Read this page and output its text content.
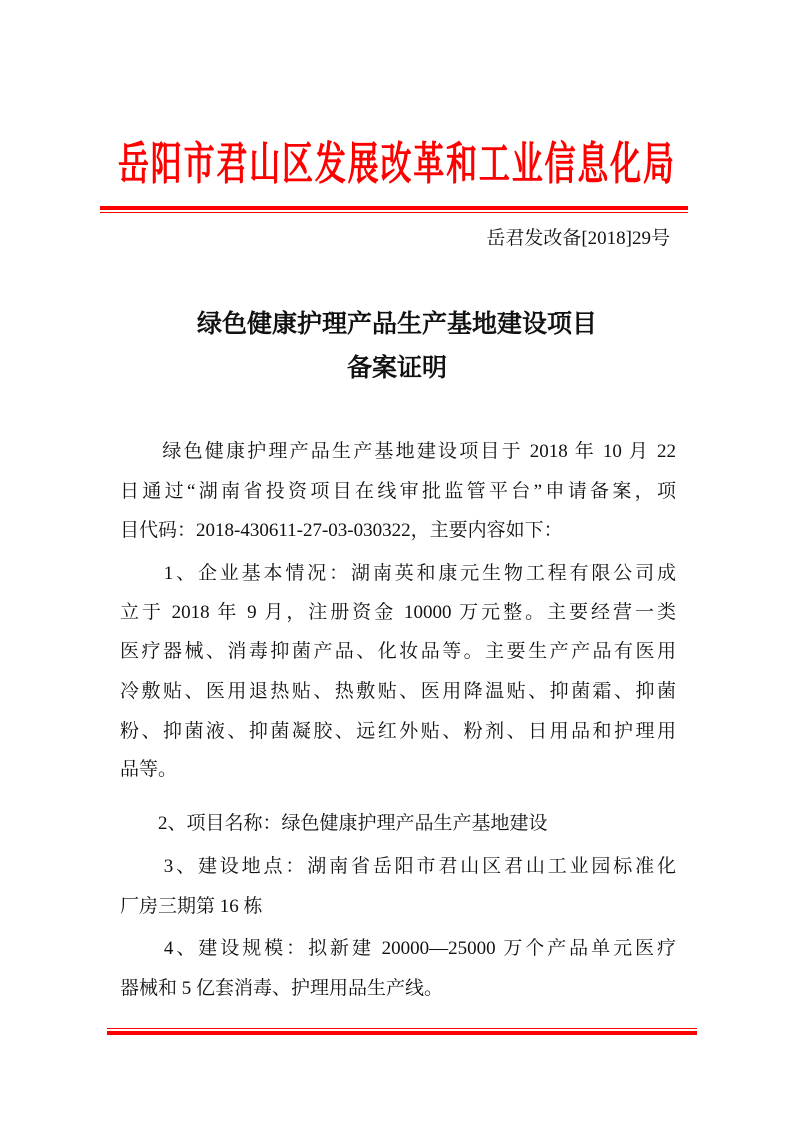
岳阳市君山区发展改革和工业信息化局
岳君发改备[2018]29号
绿色健康护理产品生产基地建设项目
备案证明
　　绿色健康护理产品生产基地建设项目于 2018 年 10 月 22
日通过“湖南省投资项目在线审批监管平台”申请备案，项
目代码：2018-430611-27-03-030322，主要内容如下：
　　1、企业基本情况：湖南英和康元生物工程有限公司成
立于 2018 年 9 月，注册资金 10000 万元整。主要经营一类
医疗器械、消毒抑菌产品、化妆品等。主要生产产品有医用
冷敷贴、医用退热贴、热敷贴、医用降温贴、抑菌霜、抑菌
粉、抑菌液、抑菌凝胶、远红外贴、粉剂、日用品和护理用
品等。
　　2、项目名称：绿色健康护理产品生产基地建设
　　3、建设地点：湖南省岳阳市君山区君山工业园标准化
厂房三期第 16 栋
　　4、建设规模：拟新建 20000—25000 万个产品单元医疗
器械和 5 亿套消毒、护理用品生产线。
